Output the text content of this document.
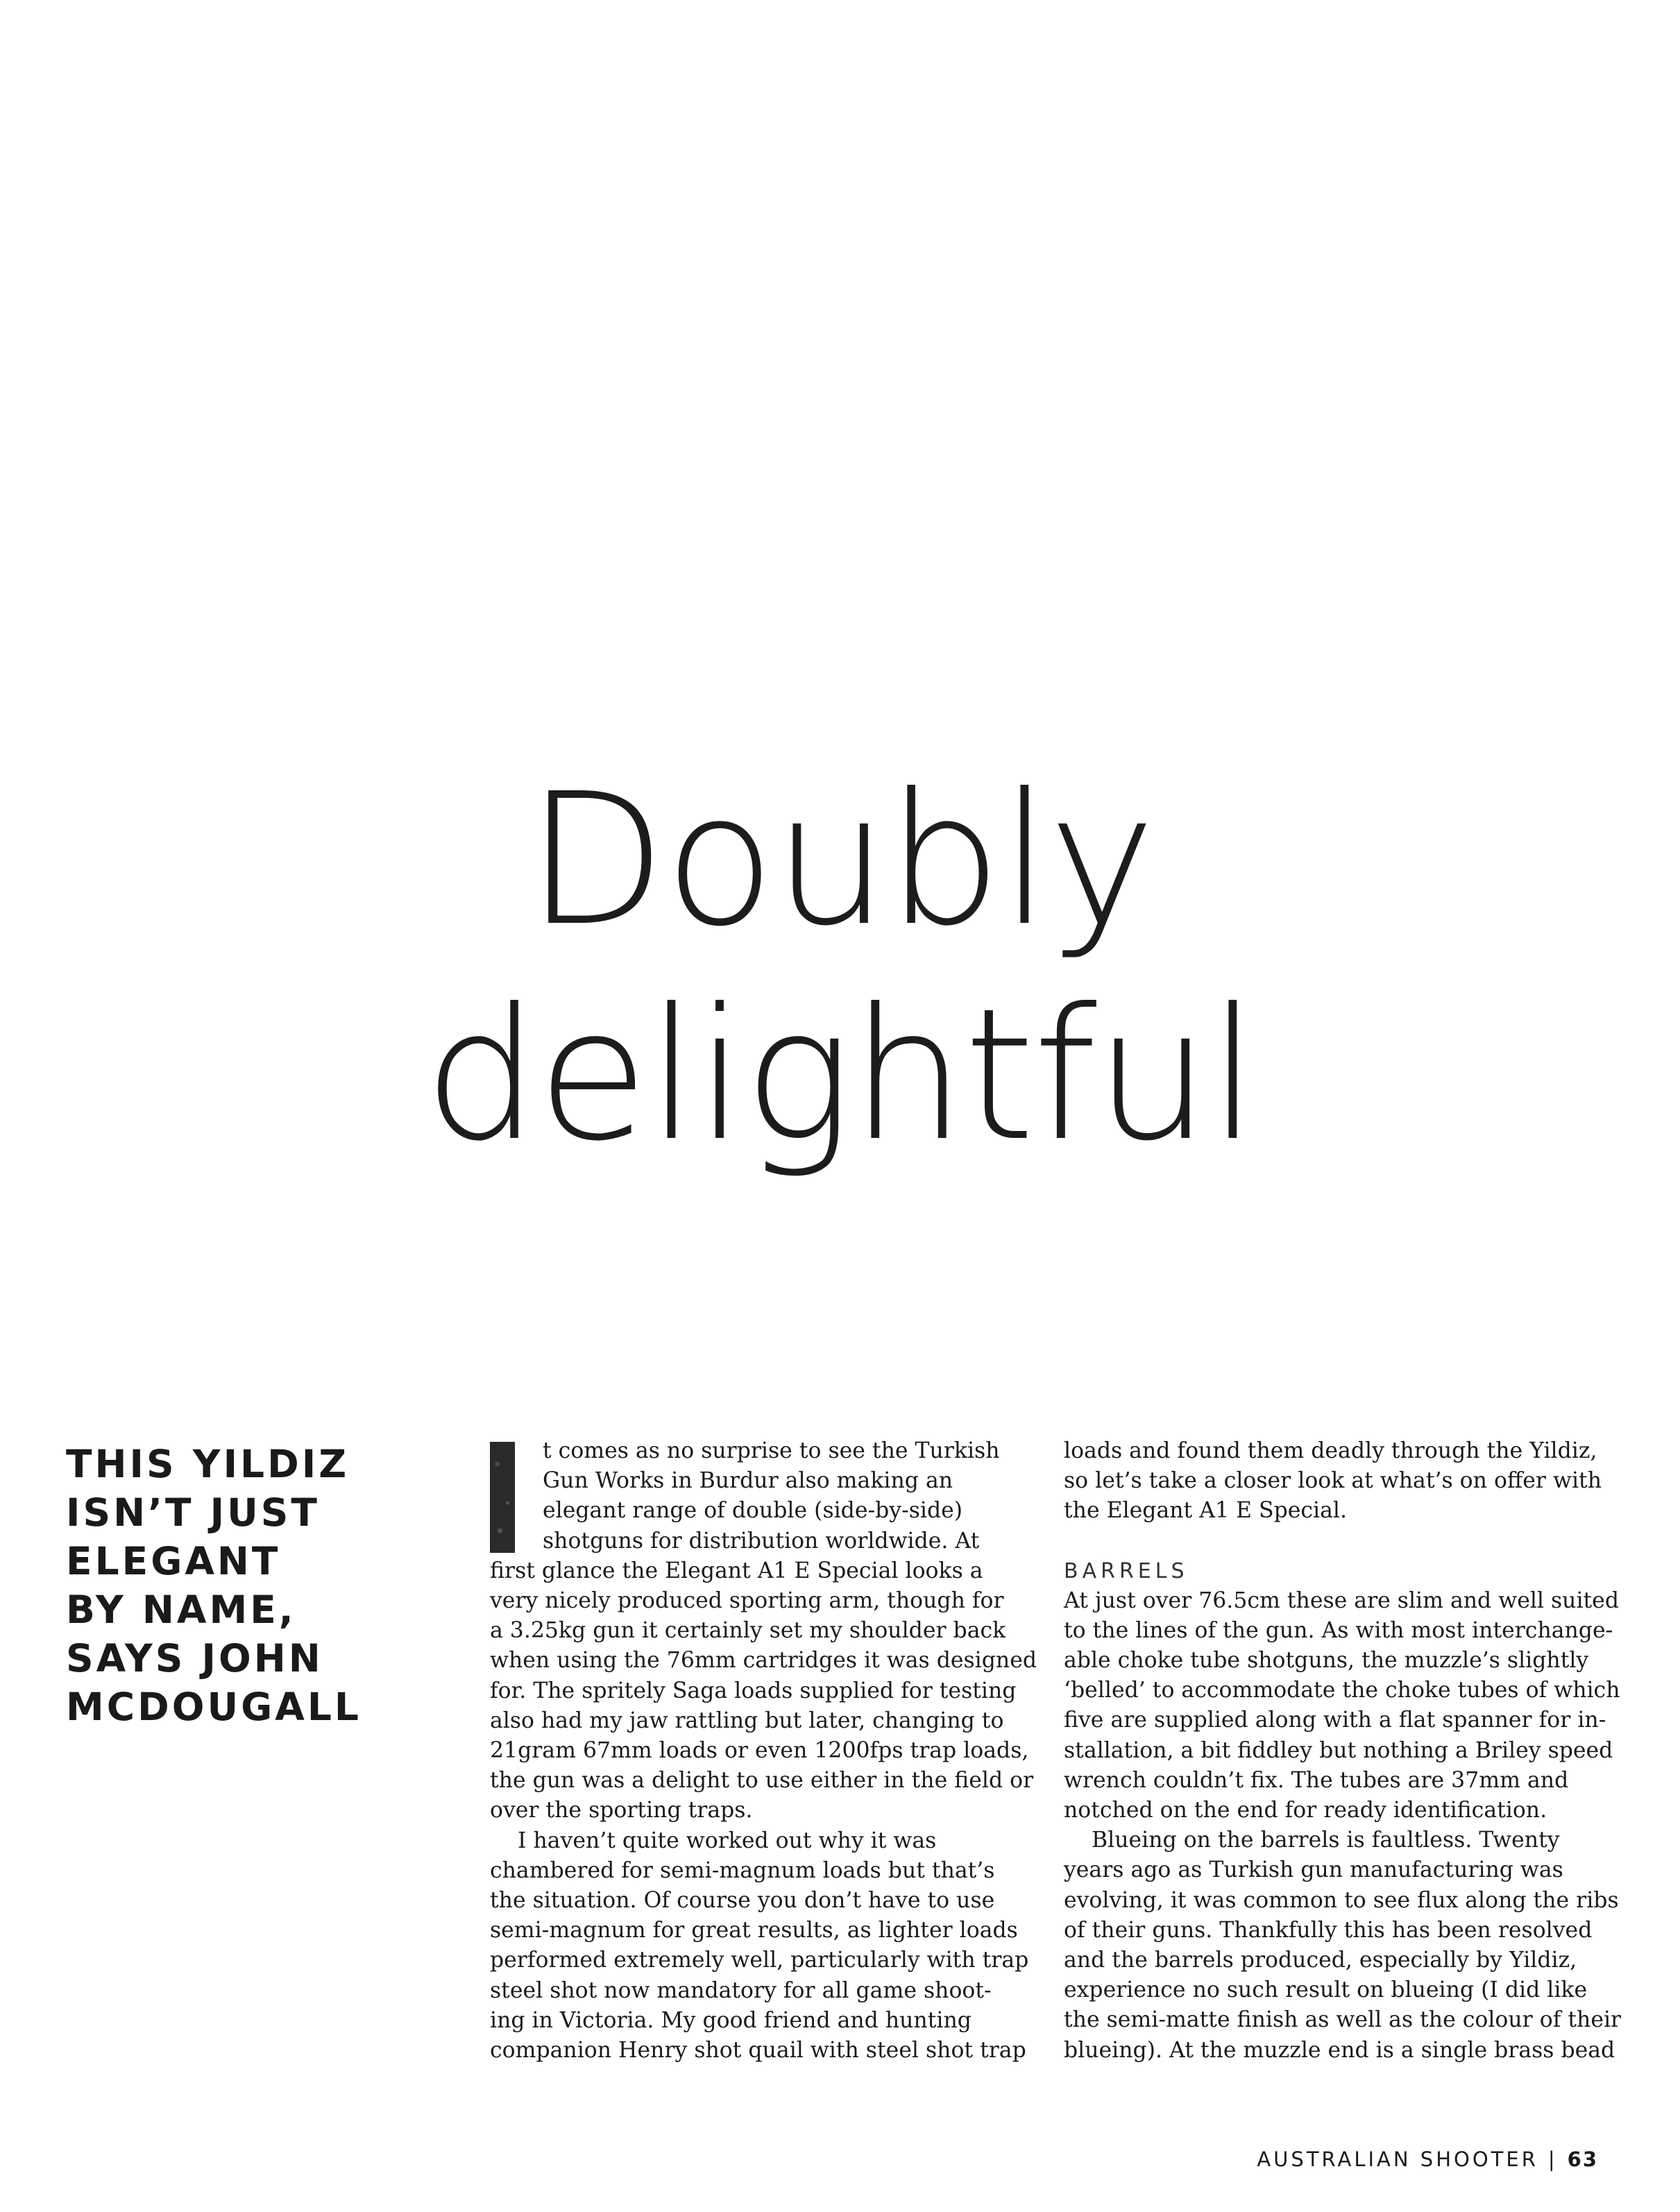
Doubly
delightful
THIS YILDIZ
ISN’T JUST
ELEGANT
BY NAME,
SAYS JOHN
MCDOUGALL
t comes as no surprise to see the Turkish
Gun Works in Burdur also making an
elegant range of double (side-by-side)
shotguns for distribution worldwide. At
first glance the Elegant A1 E Special looks a
very nicely produced sporting arm, though for
a 3.25kg gun it certainly set my shoulder back
when using the 76mm cartridges it was designed
for. The spritely Saga loads supplied for testing
also had my jaw rattling but later, changing to
21gram 67mm loads or even 1200fps trap loads,
the gun was a delight to use either in the field or
over the sporting traps.
I haven’t quite worked out why it was
chambered for semi-magnum loads but that’s
the situation. Of course you don’t have to use
semi-magnum for great results, as lighter loads
performed extremely well, particularly with trap
steel shot now mandatory for all game shoot-
ing in Victoria. My good friend and hunting
companion Henry shot quail with steel shot trap
loads and found them deadly through the Yildiz,
so let’s take a closer look at what’s on offer with
the Elegant A1 E Special.
BARRELS
At just over 76.5cm these are slim and well suited
to the lines of the gun. As with most interchange-
able choke tube shotguns, the muzzle’s slightly
‘belled’ to accommodate the choke tubes of which
five are supplied along with a flat spanner for in-
stallation, a bit fiddley but nothing a Briley speed
wrench couldn’t fix. The tubes are 37mm and
notched on the end for ready identification.
Blueing on the barrels is faultless. Twenty
years ago as Turkish gun manufacturing was
evolving, it was common to see flux along the ribs
of their guns. Thankfully this has been resolved
and the barrels produced, especially by Yildiz,
experience no such result on blueing (I did like
the semi-matte finish as well as the colour of their
blueing). At the muzzle end is a single brass bead
AUSTRALIAN SHOOTER | 63
